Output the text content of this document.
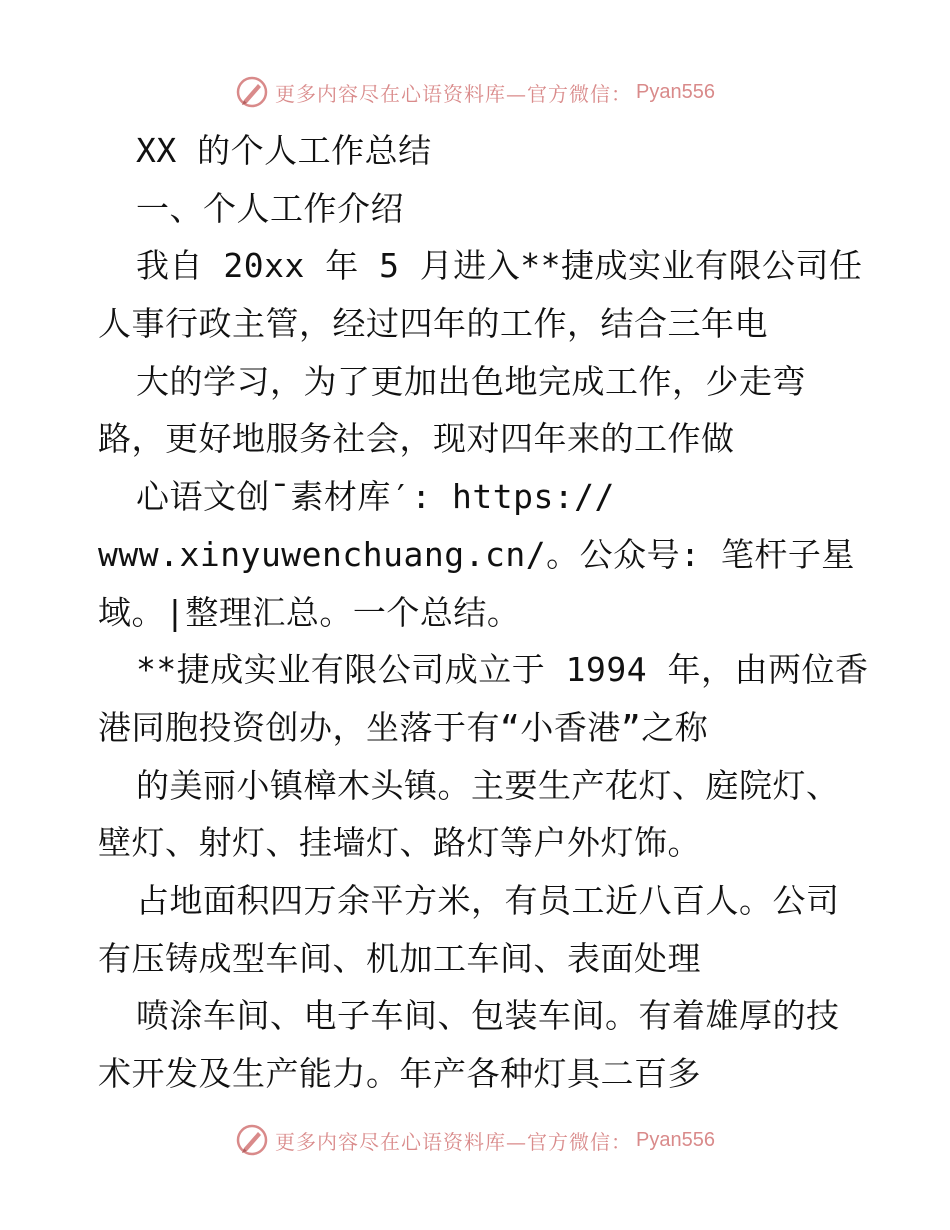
更多内容尽在心语资料库—官方微信： Pyan556
XX 的个人工作总结
一、个人工作介绍
我自 20xx 年 5 月进入**捷成实业有限公司任
人事行政主管，经过四年的工作，结合三年电
大的学习，为了更加出色地完成工作，少走弯
路，更好地服务社会，现对四年来的工作做
心语文创¯素材库′: https://
www.xinyuwenchuang.cn/。公众号: 笔杆子星
域。|整理汇总。一个总结。
**捷成实业有限公司成立于 1994 年，由两位香
港同胞投资创办，坐落于有“小香港”之称
的美丽小镇樟木头镇。主要生产花灯、庭院灯、
壁灯、射灯、挂墙灯、路灯等户外灯饰。
占地面积四万余平方米，有员工近八百人。公司
有压铸成型车间、机加工车间、表面处理
喷涂车间、电子车间、包装车间。有着雄厚的技
术开发及生产能力。年产各种灯具二百多
更多内容尽在心语资料库—官方微信： Pyan556
